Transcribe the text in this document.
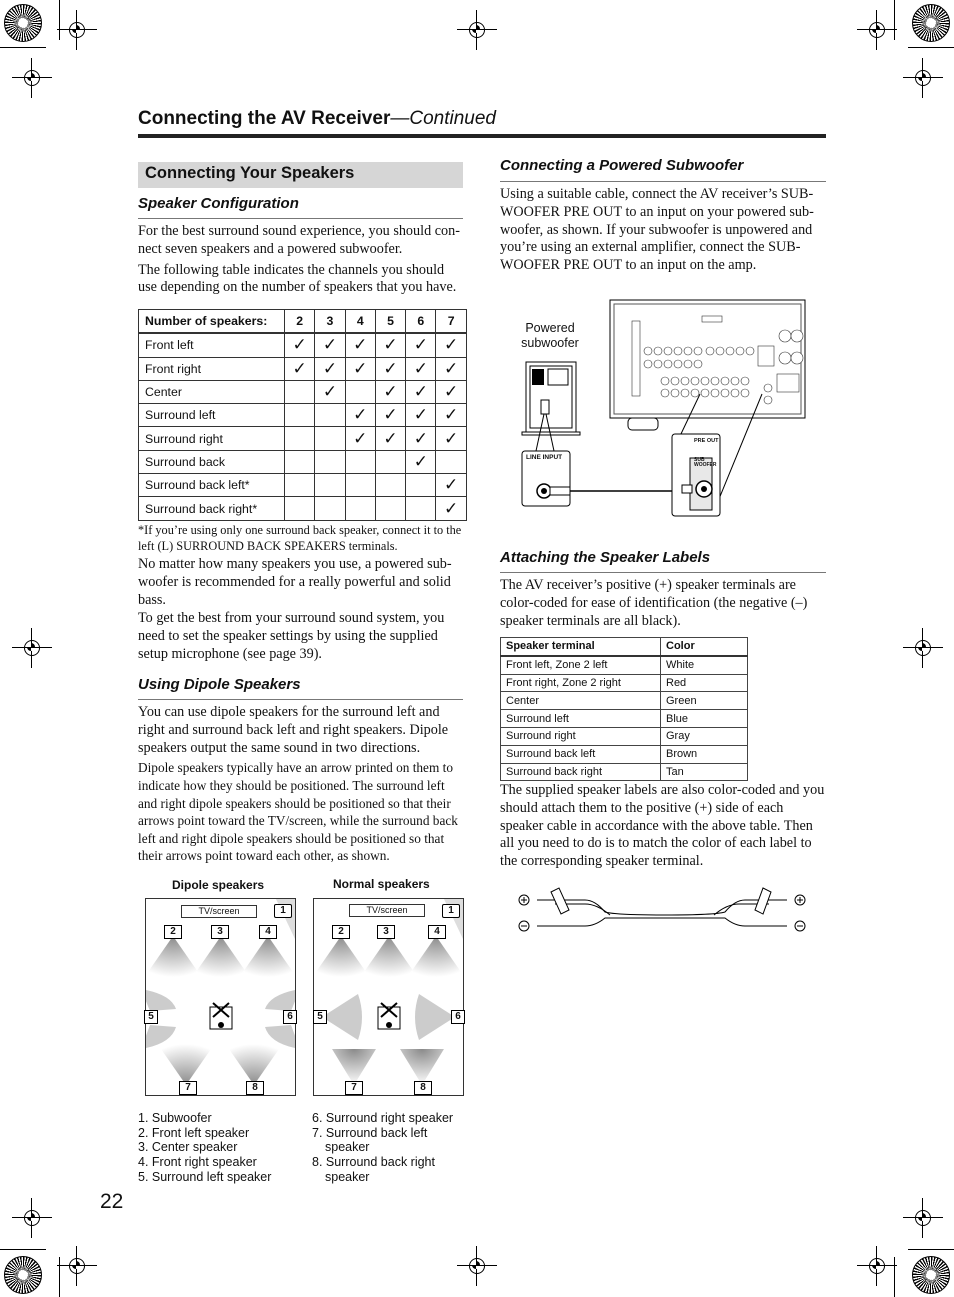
Connecting the AV Receiver—Continued
Connecting Your Speakers
Speaker Configuration

For the best surround sound experience, you should con-nect seven speakers and a powered subwoofer.

The following table indicates the channels you should use depending on the number of speakers that you have.

Number of speakers:	2	3	4	5	6	7
Front left	✓	✓	✓	✓	✓	✓
Front right	✓	✓	✓	✓	✓	✓
Center		✓		✓	✓	✓
Surround left			✓	✓	✓	✓
Surround right			✓	✓	✓	✓
Surround back					✓	
Surround back left*						✓
Surround back right*						✓
*If you’re using only one surround back speaker, connect it to the left (L) SURROUND BACK SPEAKERS terminals.

No matter how many speakers you use, a powered sub-woofer is recommended for a really powerful and solid bass.

To get the best from your surround sound system, you need to set the speaker settings by using the supplied setup microphone (see page 39).

Using Dipole Speakers

You can use dipole speakers for the surround left and right and surround back left and right speakers. Dipole speakers output the same sound in two directions.

Dipole speakers typically have an arrow printed on them to indicate how they should be positioned. The surround left and right dipole speakers should be positioned so that their arrows point toward the TV/screen, while the surround back left and right dipole speakers should be positioned so that their arrows point toward each other, as shown.

Dipole speakers	Normal speakers
TV/screen	1
2	3	4
5	6
7	8
TV/screen	1
2	3	4
5	6
7	8
1. Subwoofer
2. Front left speaker
3. Center speaker
4. Front right speaker
5. Surround left speaker
6. Surround right speaker
7. Surround back left
speaker
8. Surround back right
speaker
22
Connecting a Powered Subwoofer

Using a suitable cable, connect the AV receiver’s SUB-WOOFER PRE OUT to an input on your powered sub-woofer, as shown. If your subwoofer is unpowered and you’re using an external amplifier, connect the SUB-WOOFER PRE OUT to an input on the amp.

Powered
subwoofer
LINE INPUT
PRE OUT
SUB
WOOFER
Attaching the Speaker Labels

The AV receiver’s positive (+) speaker terminals are color-coded for ease of identification (the negative (–) speaker terminals are all black).

Speaker terminal	Color
Front left, Zone 2 left	White
Front right, Zone 2 right	Red
Center	Green
Surround left	Blue
Surround right	Gray
Surround back left	Brown
Surround back right	Tan

The supplied speaker labels are also color-coded and you should attach them to the positive (+) side of each speaker cable in accordance with the above table. Then all you need to do is to match the color of each label to the corresponding speaker terminal.
